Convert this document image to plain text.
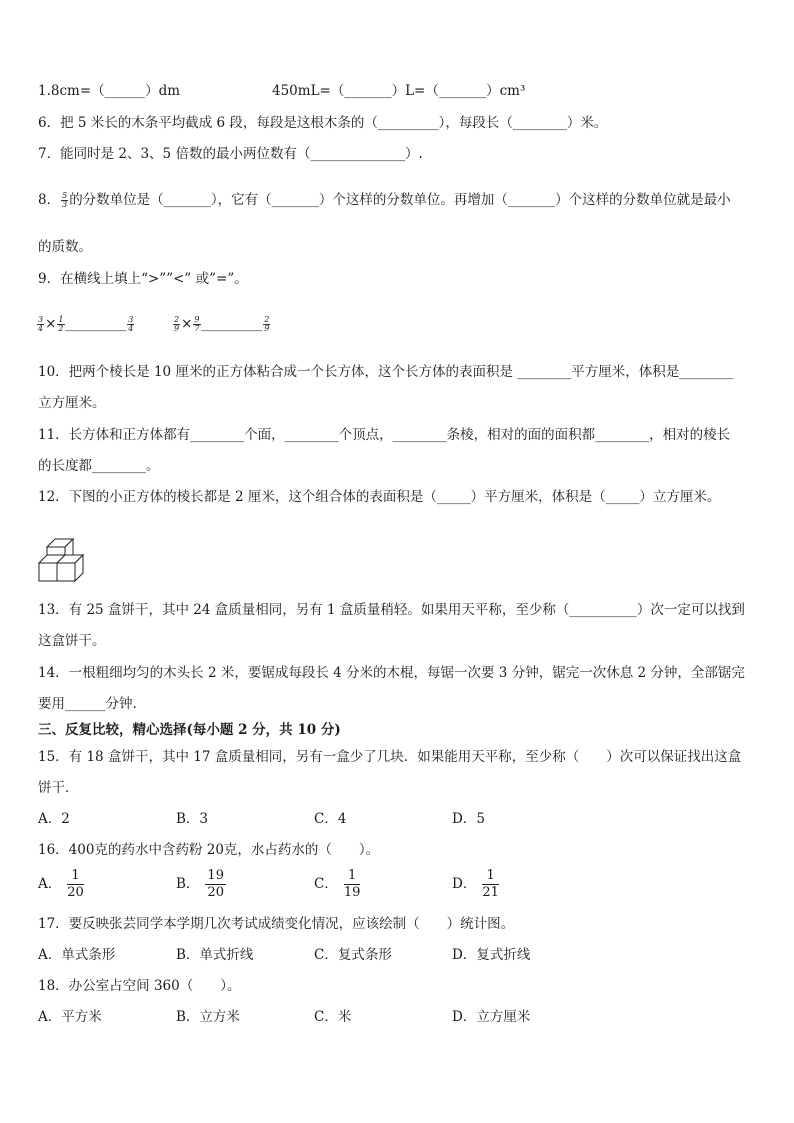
1.8cm=（______）dm	450mL=（_______）L=（_______）cm³
6．把 5 米长的木条平均截成 6 段，每段是这根木条的（_________），每段长（________）米。
7．能同时是 2、3、5 倍数的最小两位数有（______________）.
8． $\frac{5}{3}$ 的分数单位是（_______），它有（_______）个这样的分数单位。再增加（_______）个这样的分数单位就是最小
的质数。
9．在横线上填上“>””<” 或”=”。
$\frac{3}{4} \times \frac{1}{2}$ _________ $\frac{3}{4}$	$\frac{2}{9} \times \frac{9}{7}$ _________ $\frac{2}{9}$
10．把两个棱长是 10 厘米的正方体粘合成一个长方体，这个长方体的表面积是 ________平方厘米，体积是________
立方厘米。
11．长方体和正方体都有________个面，________个顶点，________条棱，相对的面的面积都________，相对的棱长
的长度都________。
12．下图的小正方体的棱长都是 2 厘米，这个组合体的表面积是（_____）平方厘米，体积是（_____）立方厘米。
13．有 25 盒饼干，其中 24 盒质量相同，另有 1 盒质量稍轻。如果用天平称，至少称（__________）次一定可以找到
这盒饼干。
14．一根粗细均匀的木头长 2 米，要锯成每段长 4 分米的木棍，每锯一次要 3 分钟，锯完一次休息 2 分钟，全部锯完
要用______分钟.
三、反复比较，精心选择(每小题 2 分，共 10 分)
15．有 18 盒饼干，其中 17 盒质量相同，另有一盒少了几块．如果能用天平称，至少称（　　）次可以保证找出这盒
饼干．
A．2	B．3	C．4	D．5
16．400克的药水中含药粉 20克，水占药水的（　　）。
A． $\frac{1}{20}$	B． $\frac{19}{20}$	C． $\frac{1}{19}$	D． $\frac{1}{21}$
17．要反映张芸同学本学期几次考试成绩变化情况，应该绘制（　　）统计图。
A．单式条形	B．单式折线	C．复式条形	D．复式折线
18．办公室占空间 360（　　）。
A．平方米	B．立方米	C．米	D．立方厘米
